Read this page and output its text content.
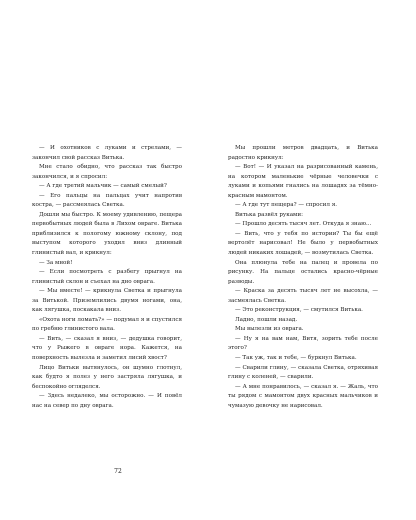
— И охотников с луками и стрелами, — закончил свой рассказ Витька.

Мне стало обидно, что рассказ так быстро закончился, и я спросил:

— А где третий мальчик — самый смелый?

— Его пальцы на пальцах учит напротив костра, — рассмеялась Светка.

Дошли мы быстро. К моему удивлению, пещера первобытных людей была в Лихом овраге. Витька приблизился к пологому южному склону, под выступом которого уходил вниз длинный глинистый вал, и крикнул:

— За мной!

— Если посмотреть с разбегу прыгнул на глинистый склон и съехал на дно оврага.

— Мы вместе! — крикнула Светка и прыгнула за Витькой. Приземлились двумя ногами, она, как лягушка, поскакала вниз.

«Охота ноги ломать?» — подумал я и спустился по гребню глинистого вала.

— Вить, — сказал я вниз, — дедушка говорит, что у Рыжего в овраге нора. Кажется, на поверхность вылезла и заметил лисий хвост?

Лицо Витьки вытянулось, он шумно глотнул, как будто я полез у него застряла лягушка, и беспокойно огляделся.

— Здесь недалеко, мы осторожно. — И повёл нас на север по дну оврага.

72

Мы прошли метров двадцать, и Витька радостно крикнул:

— Вот! — И указал на разрисованный камень, на котором маленькие чёрные человечки с луками и копьями гнались на лошадях за тёмно-красным мамонтом.

— А где тут пещера? — спросил я.

Витька развёл руками:

— Прошло десять тысяч лет. Откуда я знаю...

— Вить, что у тебя по истории? Ты бы ещё вертолёт нарисовал! Не было у первобытных людей никаких лошадей, — возмутилась Светка.

Она плюнула тебе на палец и провела по рисунку. На пальце остались красно-чёрные разводы.

— Краска за десять тысяч лет не высохла, — засмеялась Светка.

— Это реконструкция, — смутился Витька.

Ладно, пошли назад.

Мы вылезли из оврага.

— Ну я на вам нам, Витя, зорить тебе после этого?

— Так уж, так и тебе, — буркнул Витька.

— Сварили глину, — сказала Светка, отряхивая глину с коленей, — сварили.

— А мне понравилось, — сказал я. — Жаль, что ты рядом с мамонтом двух красных мальчиков и чумазую девочку не нарисовал.
